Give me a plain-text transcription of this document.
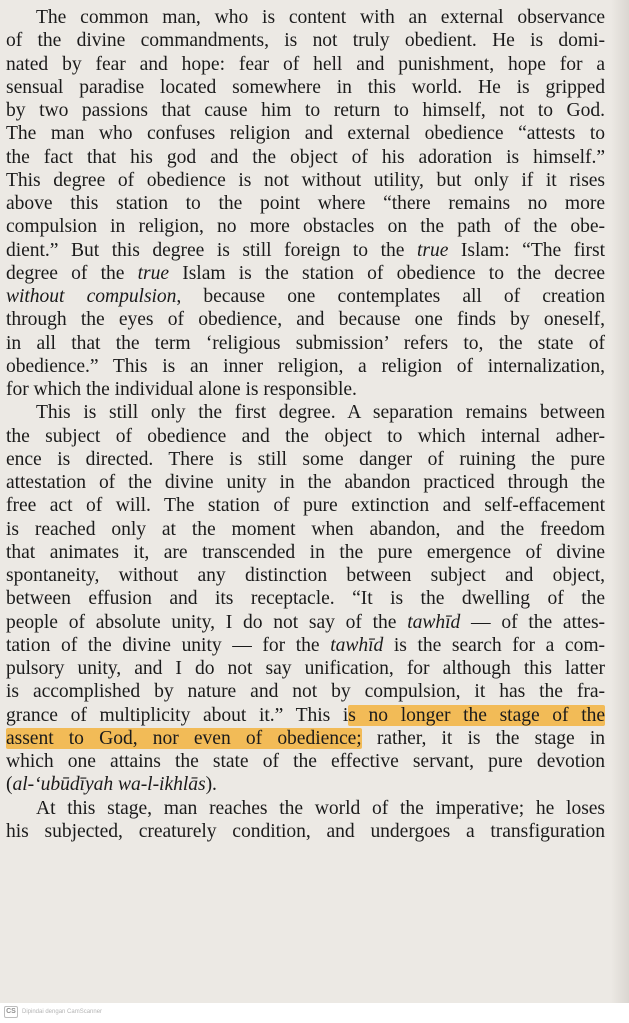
The common man, who is content with an external observance
of the divine commandments, is not truly obedient. He is domi-
nated by fear and hope: fear of hell and punishment, hope for a
sensual paradise located somewhere in this world. He is gripped
by two passions that cause him to return to himself, not to God.
The man who confuses religion and external obedience “attests to
the fact that his god and the object of his adoration is himself.”
This degree of obedience is not without utility, but only if it rises
above this station to the point where “there remains no more
compulsion in religion, no more obstacles on the path of the obe-
dient.” But this degree is still foreign to the true Islam: “The first
degree of the true Islam is the station of obedience to the decree
without compulsion, because one contemplates all of creation
through the eyes of obedience, and because one finds by oneself,
in all that the term ‘religious submission’ refers to, the state of
obedience.” This is an inner religion, a religion of internalization,
for which the individual alone is responsible.

This is still only the first degree. A separation remains between
the subject of obedience and the object to which internal adher-
ence is directed. There is still some danger of ruining the pure
attestation of the divine unity in the abandon practiced through the
free act of will. The station of pure extinction and self-effacement
is reached only at the moment when abandon, and the freedom
that animates it, are transcended in the pure emergence of divine
spontaneity, without any distinction between subject and object,
between effusion and its receptacle. “It is the dwelling of the
people of absolute unity, I do not say of the tawhīd — of the attes-
tation of the divine unity — for the tawhīd is the search for a com-
pulsory unity, and I do not say unification, for although this latter
is accomplished by nature and not by compulsion, it has the fra-
grance of multiplicity about it.” This is no longer the stage of the
assent to God, nor even of obedience; rather, it is the stage in
which one attains the state of the effective servant, pure devotion
(al-‘ubūdīyah wa-l-ikhlās).

At this stage, man reaches the world of the imperative; he loses
his subjected, creaturely condition, and undergoes a transfiguration

CS	Dipindai dengan CamScanner
